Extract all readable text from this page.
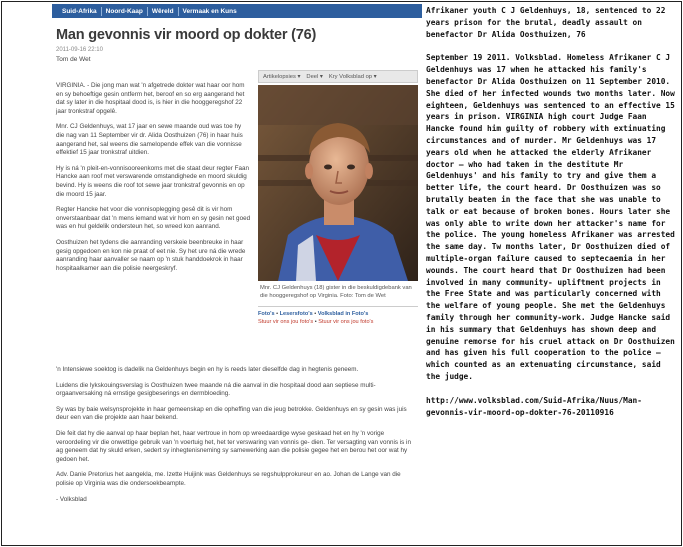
Suid-Afrika	Noord-Kaap	Wêreld	Vermaak en Kuns
Man gevonnis vir moord op dokter (76)
2011-09-16 22:10
Tom de Wet

VIRGINIA. - Die jong man wat 'n afgetrede dokter wat haar oor hom en sy behoeftige gesin ontferm het, beroof en so erg aangerand het dat sy later in die hospitaal dood is, is hier in die hooggeregshof 22 jaar tronkstraf opgelê.

Mnr. CJ Geldenhuys, wat 17 jaar en sewe maande oud was toe hy die nag van 11 September vir dr. Alida Oosthuizen (76) in haar huis aangerand het, sal weens die samelopende effek van die vonnisse effektief 15 jaar tronkstraf uitdien.

Hy is ná 'n pleit-en-vonnisooreenkoms met die staat deur regter Faan Hancke aan roof met verswarende omstandighede en moord skuldig bevind. Hy is weens die roof tot sewe jaar tronkstraf gevonnis en op die moord 15 jaar.

Regter Hancke het voor die vonnisoplegging gesê dit is vir hom onverstaanbaar dat 'n mens iemand wat vir hom en sy gesin net goed was en hul geldelik ondersteun het, so wreed kon aanrand.

Oosthuizen het tydens die aanranding verskeie beenbreuke in haar gesig opgedoen en kon nie praat of eet nie. Sy het ure ná die wrede aanranding haar aanvaller se naam op 'n stuk handdoekrok in haar hospitaalkamer aan die polisie neergeskryf.

Artikelopsies ▾ Deel ▾ Kry Volksblad op ▾
Mnr. CJ Geldenhuys (18) gister in die beskuldigdebank van die hooggeregshof op Virginia. Foto: Tom de Wet
Foto's • Lesersfoto's • Volksblad in Foto's
Stuur vir ons jou foto's • Stuur vir ons jou foto's

'n Intensiewe soektog is dadelik na Geldenhuys begin en hy is reeds later dieselfde dag in hegtenis geneem.

Luidens die lykskouingsverslag is Oosthuizen twee maande ná die aanval in die hospitaal dood aan septiese multi-orgaanversaking ná ernstige gesigbeserings en dermbloeding.

Sy was by baie welsynsprojekte in haar gemeenskap en die opheffing van die jeug betrokke. Geldenhuys en sy gesin was juis deur een van die projekte aan haar bekend.

Die feit dat hy die aanval op haar beplan het, haar vertroue in hom op wreedaardige wyse geskaad het en hy 'n vorige veroordeling vir die onwettige gebruik van 'n voertuig het, het ter verswaring van vonnis ge- dien. Ter versagting van vonnis is in ag geneem dat hy skuld erken, sedert sy inhegtenisneming sy samewerking aan die polisie gegee het en berou het oor wat hy gedoen het.

Adv. Danie Pretorius het aangekla, me. Izette Huijink was Geldenhuys se regshulpprokureur en ao. Johan de Lange van die polisie op Virginia was die ondersoekbeampte.

- Volksblad

Afrikaner youth C J Geldenhuys, 18, sentenced to 22 years prison for the brutal, deadly assault on benefactor Dr Alida Oosthuizen, 76
September 19 2011. Volksblad. Homeless Afrikaner C J Geldenhuys was 17 when he attacked his family's benefactor Dr Alida Oosthuizen on 11 September 2010. She died of her infected wounds two months later. Now eighteen, Geldenhuys was sentenced to an effective 15 years in prison. VIRGINIA high court Judge Faan Hancke found him guilty of robbery with extinuating circumstances and of murder. Mr Geldenhuys was 17 years old when he attacked the elderly Afrikaner doctor – who had taken in the destitute Mr Geldenhuys' and his family to try and give them a better life, the court heard. Dr Oosthuizen was so brutally beaten in the face that she was unable to talk or eat because of broken bones. Hours later she was only able to write down her attacker's name for the police. The young homeless Afrikaner was arrested the same day. Tw months later, Dr Oosthuizen died of multiple-organ failure caused to septecaemia in her wounds. The court heard that Dr Oosthuizen had been involved in many community- upliftment projects in the Free State and was particularly concerned with the welfare of young people. She met the Geldenhuys family through her community-work. Judge Hancke said in his summary that Geldenhuys has shown deep and genuine remorse for his cruel attack on Dr Oosthuizen and has given his full cooperation to the police – which counted as an extenuating circumstance, said the judge.
http://www.volksblad.com/Suid-Afrika/Nuus/Man-gevonnis-vir-moord-op-dokter-76-20110916
